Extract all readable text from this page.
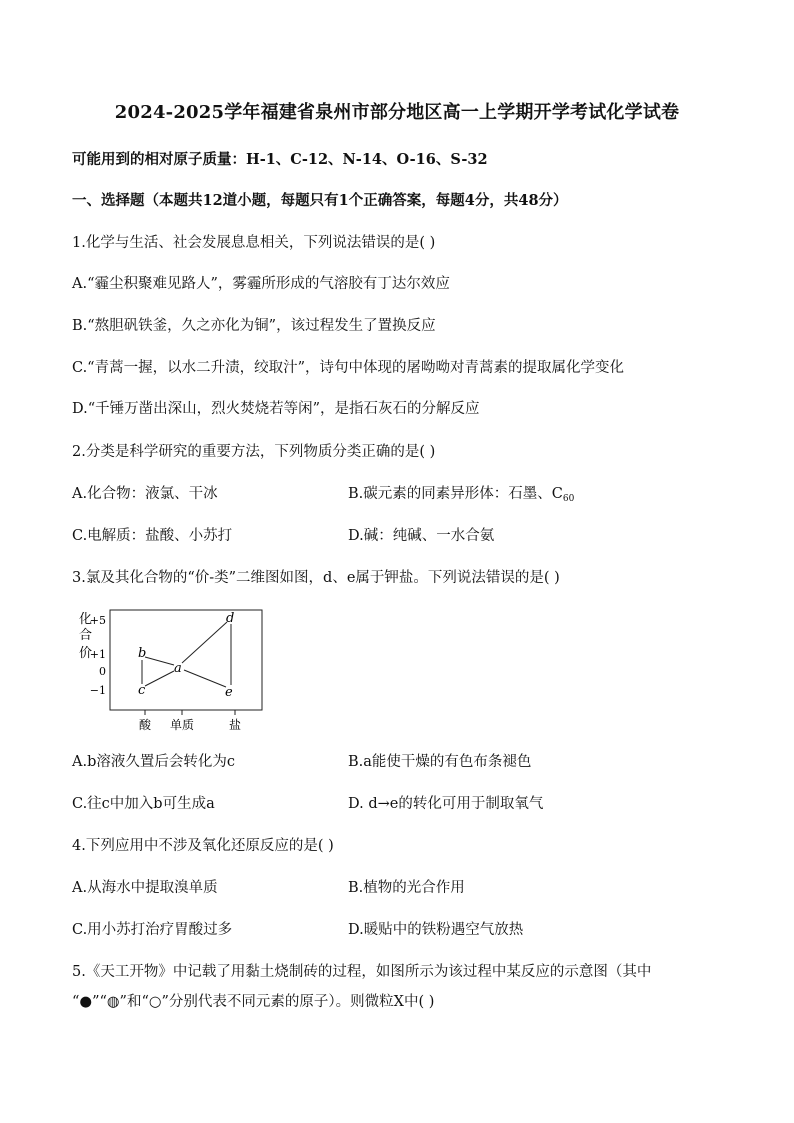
2024-2025学年福建省泉州市部分地区高一上学期开学考试化学试卷
可能用到的相对原子质量：H-1、C-12、N-14、O-16、S-32
一、选择题（本题共12道小题，每题只有1个正确答案，每题4分，共48分）
1.化学与生活、社会发展息息相关，下列说法错误的是( )
A.“霾尘积聚难见路人”，雾霾所形成的气溶胶有丁达尔效应
B.“熬胆矾铁釜，久之亦化为铜”，该过程发生了置换反应
C.“青蒿一握，以水二升渍，绞取汁”，诗句中体现的屠呦呦对青蒿素的提取属化学变化
D.“千锤万凿出深山，烈火焚烧若等闲”，是指石灰石的分解反应
2.分类是科学研究的重要方法，下列物质分类正确的是( )
A.化合物：液氯、干冰	B.碳元素的同素异形体：石墨、$C_{60}$
C.电解质：盐酸、小苏打	D.碱：纯碱、一水合氨
3.氯及其化合物的“价-类”二维图如图，d、e属于钾盐。下列说法错误的是( )
化
合
价
+5
+1
0
−1
酸 单质	盐
a
b
c
d
e
A.b溶液久置后会转化为c	B.a能使干燥的有色布条褪色
C.往c中加入b可生成a	D. d→e的转化可用于制取氧气
4.下列应用中不涉及氧化还原反应的是( )
A.从海水中提取溴单质	B.植物的光合作用
C.用小苏打治疗胃酸过多	D.暖贴中的铁粉遇空气放热
5.《天工开物》中记载了用黏土烧制砖的过程，如图所示为该过程中某反应的示意图（其中
“●”“◍”和“○”分别代表不同元素的原子）。则微粒X中( )
